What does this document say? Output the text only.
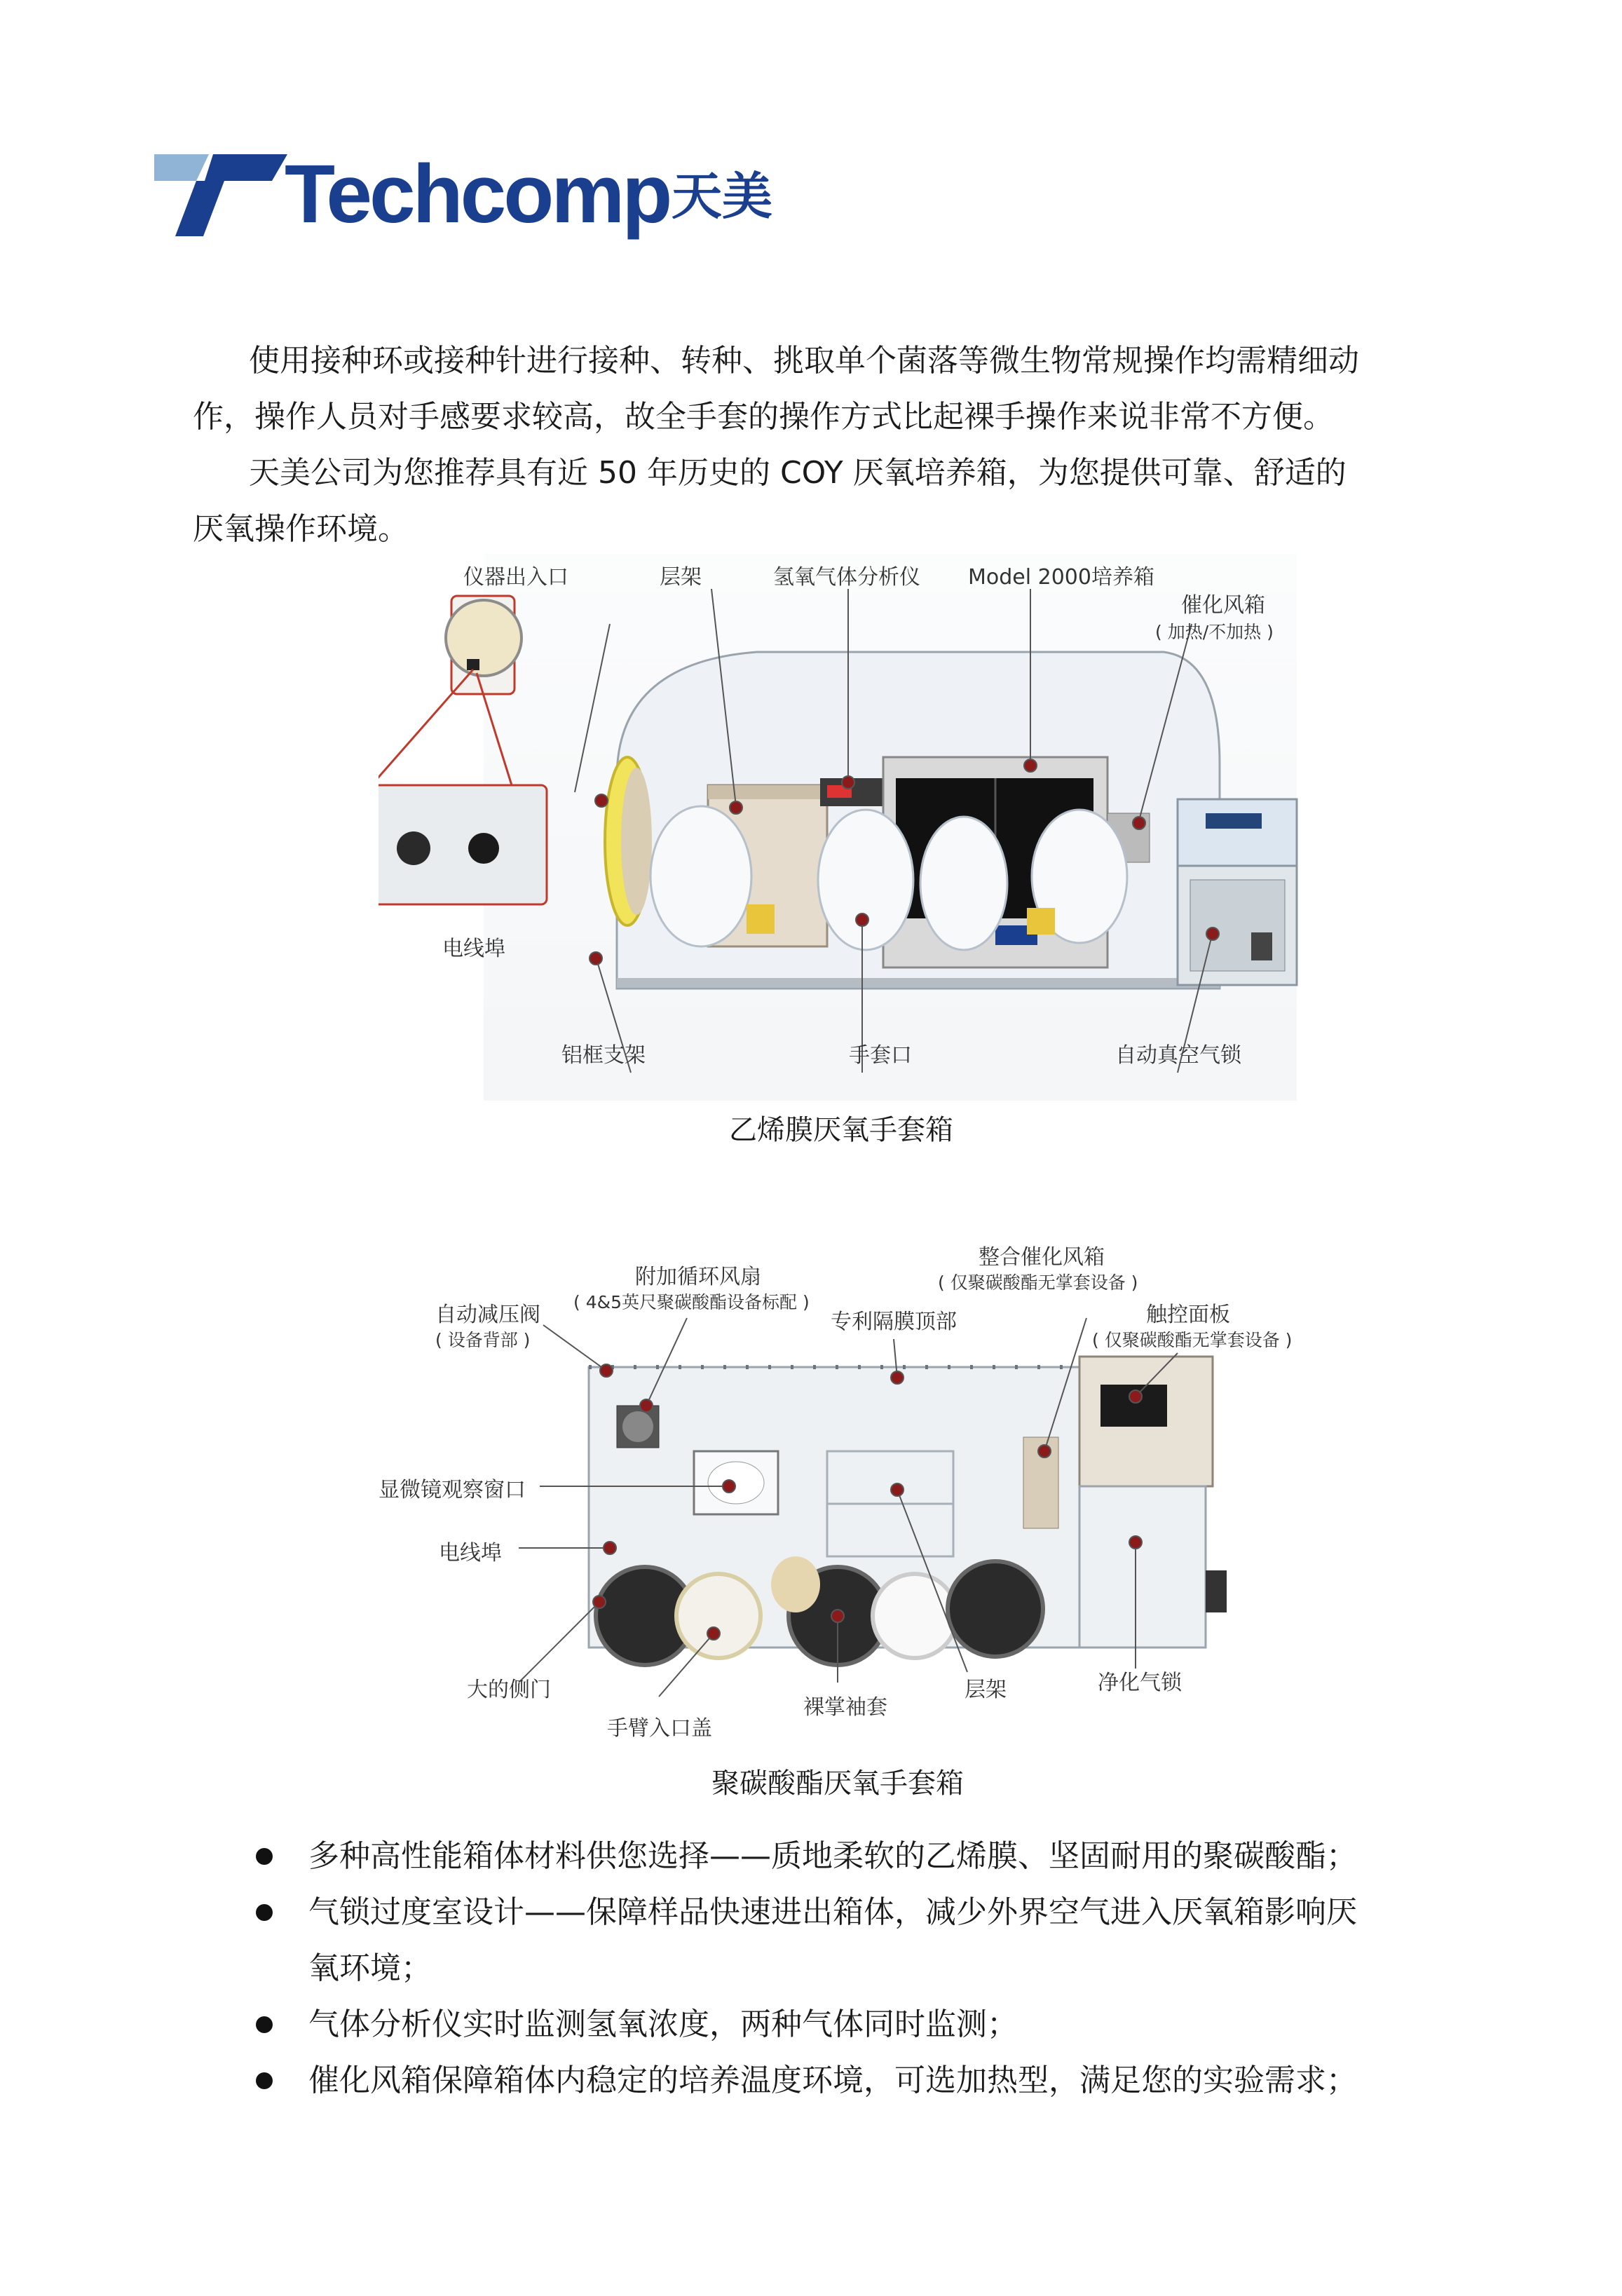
Techcomp 天美
使用接种环或接种针进行接种、转种、挑取单个菌落等微生物常规操作均需精细动
作，操作人员对手感要求较高，故全手套的操作方式比起裸手操作来说非常不方便。
天美公司为您推荐具有近 50 年历史的 COY 厌氧培养箱，为您提供可靠、舒适的
厌氧操作环境。
仪器出入口	层架	氢氧气体分析仪 Model 2000培养箱
催化风箱
( 加热/不加热 )
电线埠
铝框支架	手套口	自动真空气锁
乙烯膜厌氧手套箱
附加循环风扇
( 4&5英尺聚碳酸酯设备标配 )
整合催化风箱
( 仅聚碳酸酯无掌套设备 )
自动减压阀
( 设备背部 )
专利隔膜顶部	触控面板
( 仅聚碳酸酯无掌套设备 )
显微镜观察窗口
电线埠
大的侧门
手臂入口盖
裸掌袖套
层架	净化气锁
聚碳酸酯厌氧手套箱
多种高性能箱体材料供您选择——质地柔软的乙烯膜、坚固耐用的聚碳酸酯；
气锁过度室设计——保障样品快速进出箱体，减少外界空气进入厌氧箱影响厌
氧环境；
气体分析仪实时监测氢氧浓度，两种气体同时监测；
催化风箱保障箱体内稳定的培养温度环境，可选加热型，满足您的实验需求；
